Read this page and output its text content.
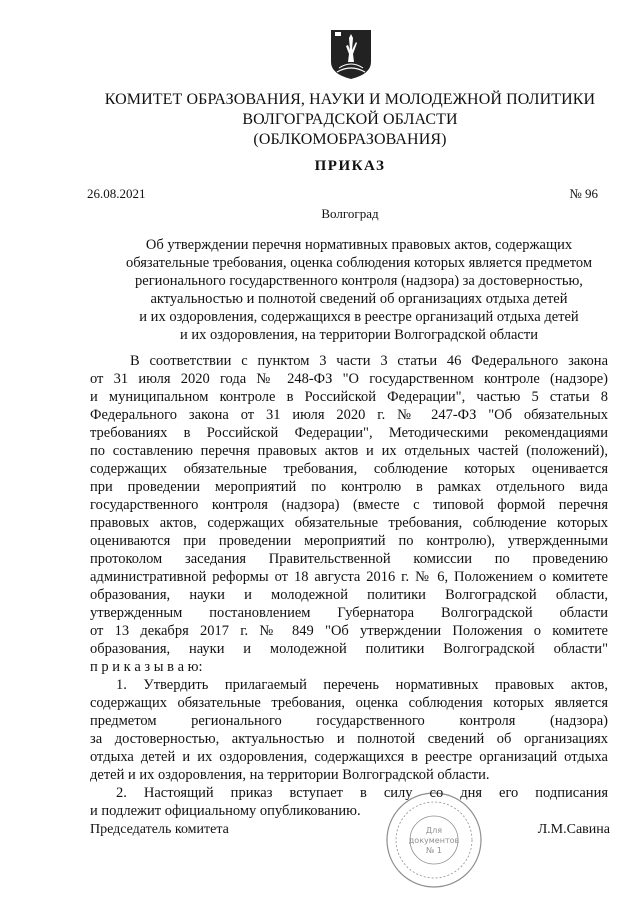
КОМИТЕТ ОБРАЗОВАНИЯ, НАУКИ И МОЛОДЕЖНОЙ ПОЛИТИКИ
ВОЛГОГРАДСКОЙ ОБЛАСТИ
(ОБЛКОМОБРАЗОВАНИЯ)
ПРИКАЗ
26.08.2021	№ 96
Волгоград
Об утверждении перечня нормативных правовых актов, содержащих
обязательные требования, оценка соблюдения которых является предметом
регионального государственного контроля (надзора) за достоверностью,
актуальностью и полнотой сведений об организациях отдыха детей
и их оздоровления, содержащихся в реестре организаций отдыха детей
и их оздоровления, на территории Волгоградской области
В соответствии с пунктом 3 части 3 статьи 46 Федерального закона
от 31 июля 2020 года № 248-ФЗ "О государственном контроле (надзоре)
и муниципальном контроле в Российской Федерации", частью 5 статьи 8
Федерального закона от 31 июля 2020 г. № 247-ФЗ "Об обязательных
требованиях в Российской Федерации", Методическими рекомендациями
по составлению перечня правовых актов и их отдельных частей (положений),
содержащих обязательные требования, соблюдение которых оценивается
при проведении мероприятий по контролю в рамках отдельного вида
государственного контроля (надзора) (вместе с типовой формой перечня
правовых актов, содержащих обязательные требования, соблюдение которых
оцениваются при проведении мероприятий по контролю), утвержденными
протоколом заседания Правительственной комиссии по проведению
административной реформы от 18 августа 2016 г. № 6, Положением о комитете
образования, науки и молодежной политики Волгоградской области,
утвержденным постановлением Губернатора Волгоградской области
от 13 декабря 2017 г. № 849 "Об утверждении Положения о комитете
образования, науки и молодежной политики Волгоградской области"
п р и к а з ы в а ю:
1. Утвердить прилагаемый перечень нормативных правовых актов,
содержащих обязательные требования, оценка соблюдения которых является
предметом регионального государственного контроля (надзора)
за достоверностью, актуальностью и полнотой сведений об организациях
отдыха детей и их оздоровления, содержащихся в реестре организаций отдыха
детей и их оздоровления, на территории Волгоградской области.
2. Настоящий приказ вступает в силу со дня его подписания
и подлежит официальному опубликованию.
Для
документов
№ 1
Председатель комитета	Л.М.Савина
